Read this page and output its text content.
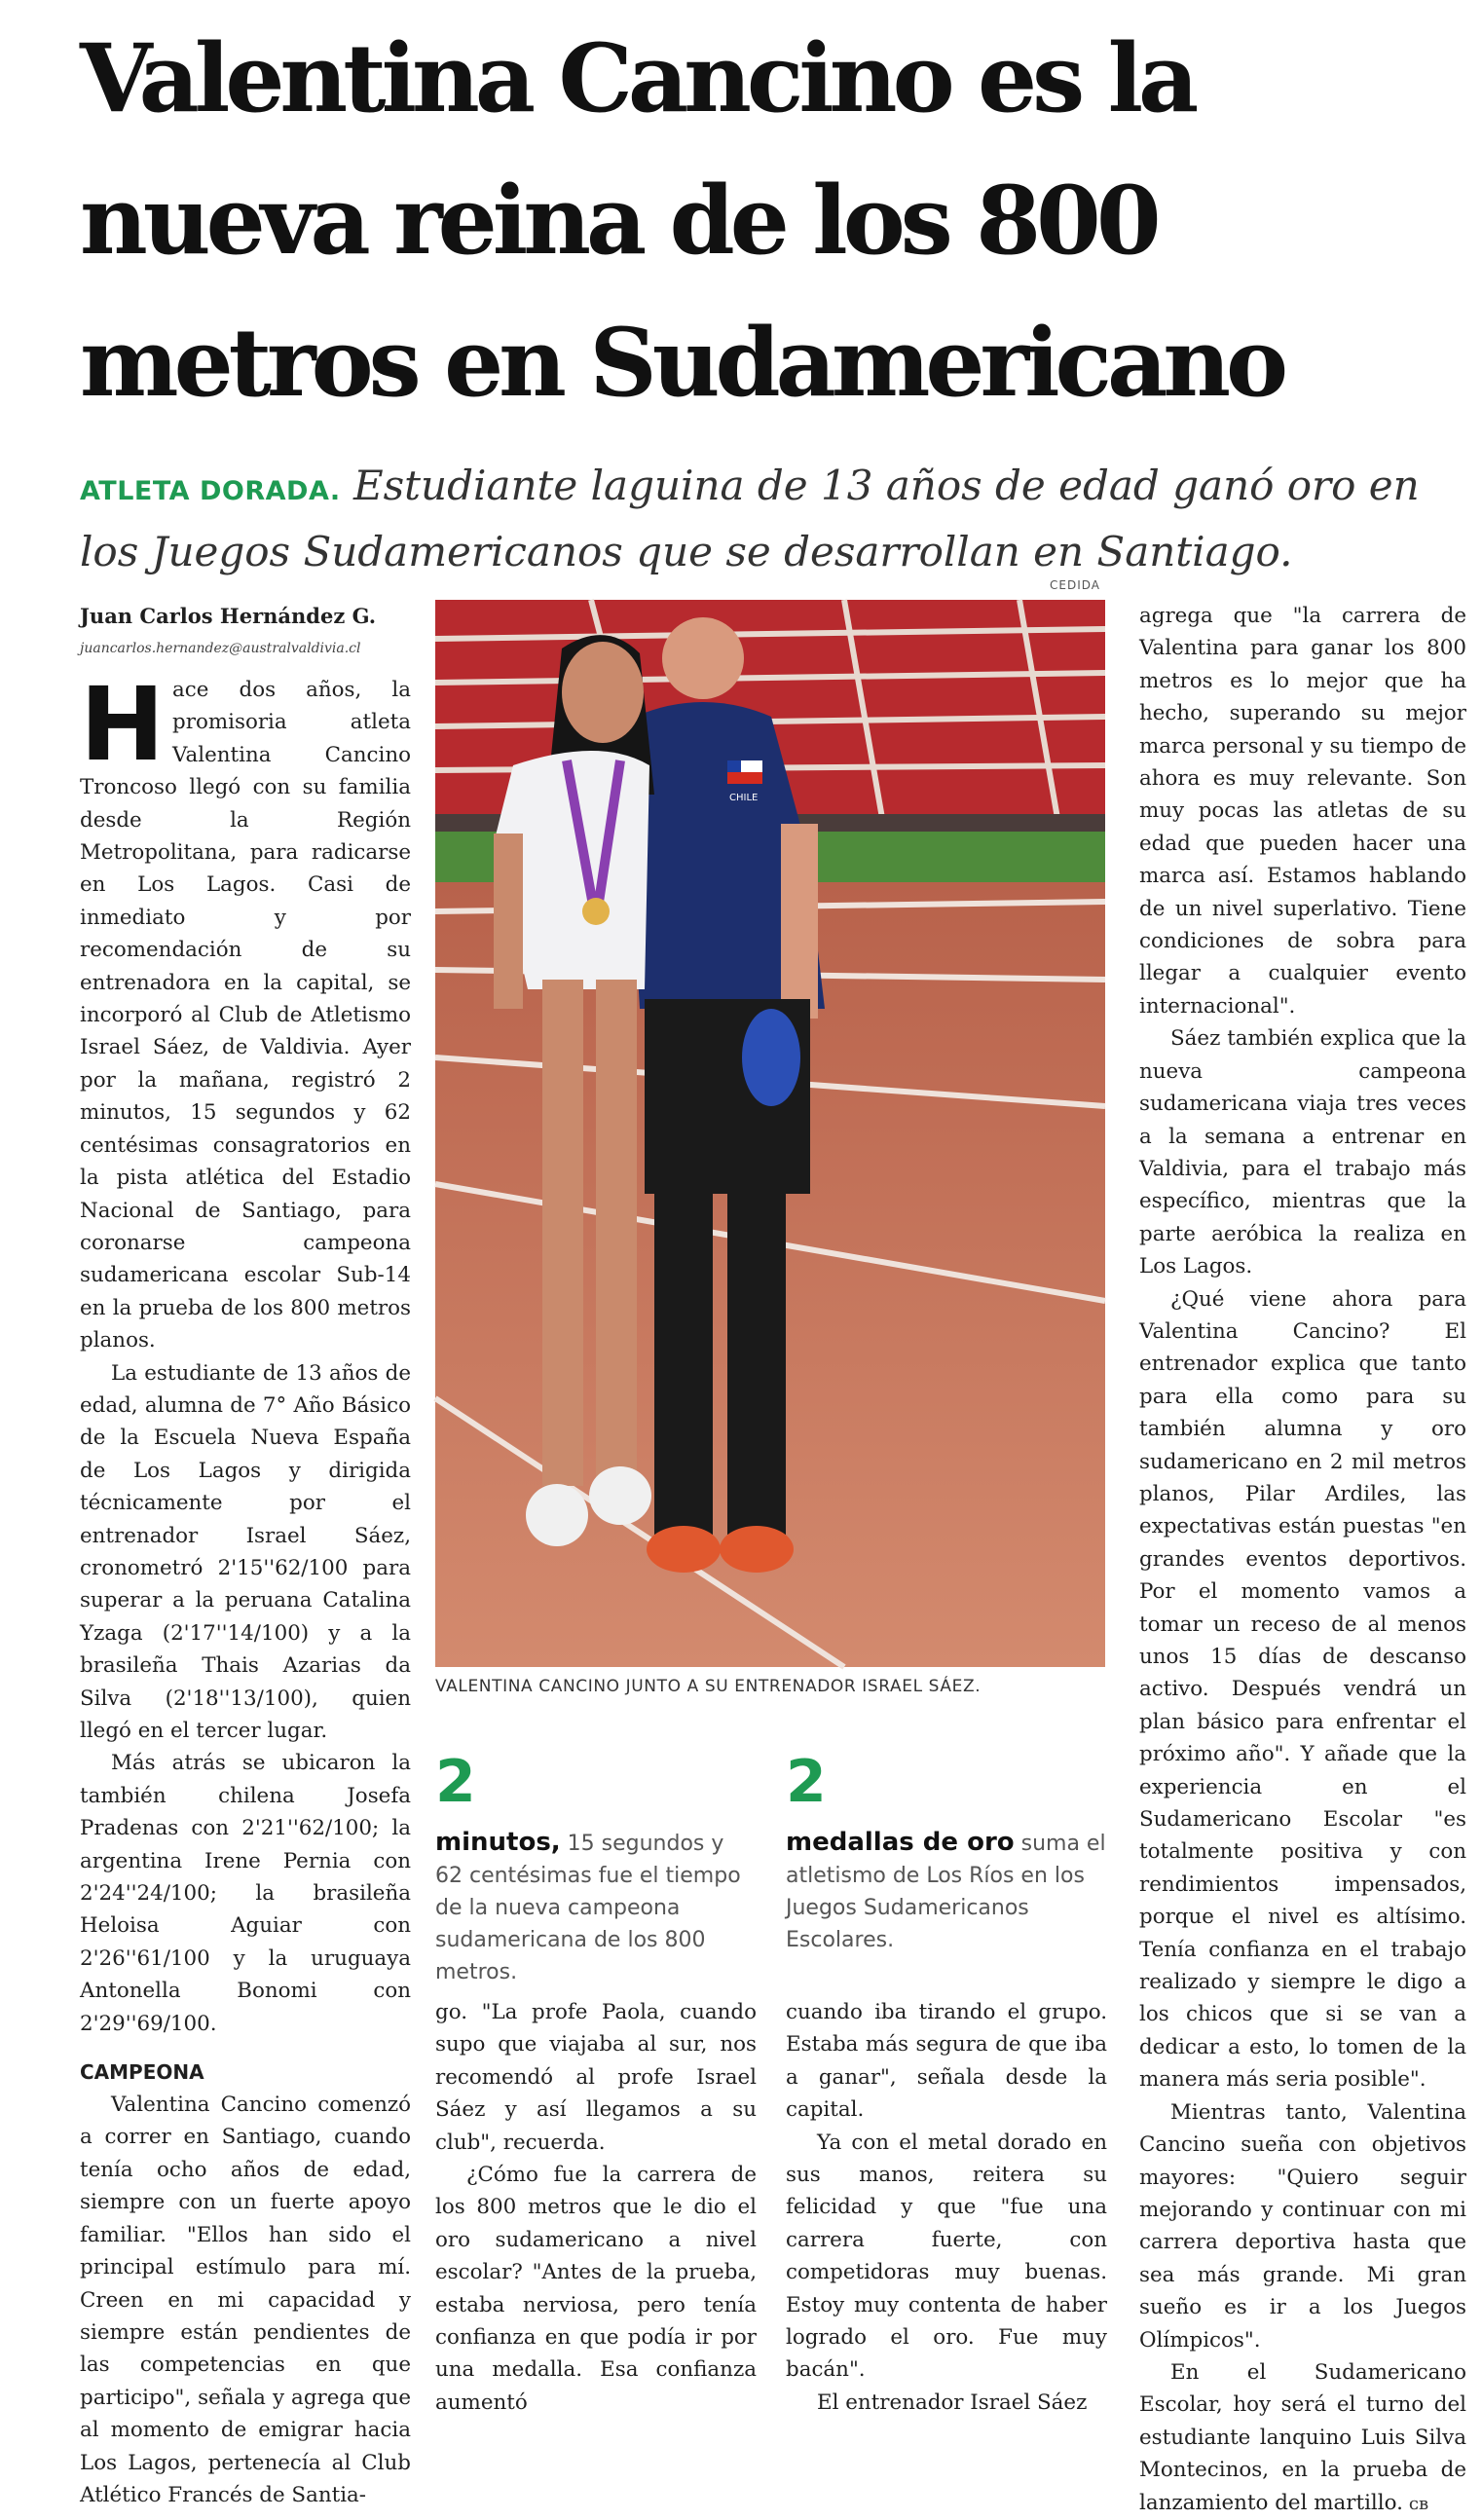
Valentina Cancino es la nueva reina de los 800 metros en Sudamericano
ATLETA DORADA. Estudiante laguina de 13 años de edad ganó oro en los Juegos Sudamericanos que se desarrollan en Santiago.
CEDIDA
Juan Carlos Hernández G.
juancarlos.hernandez@australvaldivia.cl

Hace dos años, la promisoria atleta Valentina Cancino Troncoso llegó con su familia desde la Región Metropolitana, para radicarse en Los Lagos. Casi de inmediato y por recomendación de su entrenadora en la capital, se incorporó al Club de Atletismo Israel Sáez, de Valdivia. Ayer por la mañana, registró 2 minutos, 15 segundos y 62 centésimas consagratorios en la pista atlética del Estadio Nacional de Santiago, para coronarse campeona sudamericana escolar Sub-14 en la prueba de los 800 metros planos.

La estudiante de 13 años de edad, alumna de 7° Año Básico de la Escuela Nueva España de Los Lagos y dirigida técnicamente por el entrenador Israel Sáez, cronometró 2'15''62/100 para superar a la peruana Catalina Yzaga (2'17''14/100) y a la brasileña Thais Azarias da Silva (2'18''13/100), quien llegó en el tercer lugar.

Más atrás se ubicaron la también chilena Josefa Pradenas con 2'21''62/100; la argentina Irene Pernia con 2'24''24/100; la brasileña Heloisa Aguiar con 2'26''61/100 y la uruguaya Antonella Bonomi con 2'29''69/100.

CAMPEONA

Valentina Cancino comenzó a correr en Santiago, cuando tenía ocho años de edad, siempre con un fuerte apoyo familiar. "Ellos han sido el principal estímulo para mí. Creen en mi capacidad y siempre están pendientes de las competencias en que participo", señala y agrega que al momento de emigrar hacia Los Lagos, pertenecía al Club Atlético Francés de Santia-

CHILE
VALENTINA CANCINO JUNTO A SU ENTRENADOR ISRAEL SÁEZ.
2
minutos, 15 segundos y 62 centésimas fue el tiempo de la nueva campeona sudamericana de los 800 metros.
2
medallas de oro suma el atletismo de Los Ríos en los Juegos Sudamericanos Escolares.

go. "La profe Paola, cuando supo que viajaba al sur, nos recomendó al profe Israel Sáez y así llegamos a su club", recuerda.

¿Cómo fue la carrera de los 800 metros que le dio el oro sudamericano a nivel escolar? "Antes de la prueba, estaba nerviosa, pero tenía confianza en que podía ir por una medalla. Esa confianza aumentó

cuando iba tirando el grupo. Estaba más segura de que iba a ganar", señala desde la capital.

Ya con el metal dorado en sus manos, reitera su felicidad y que "fue una carrera fuerte, con competidoras muy buenas. Estoy muy contenta de haber logrado el oro. Fue muy bacán".

El entrenador Israel Sáez

agrega que "la carrera de Valentina para ganar los 800 metros es lo mejor que ha hecho, superando su mejor marca personal y su tiempo de ahora es muy relevante. Son muy pocas las atletas de su edad que pueden hacer una marca así. Estamos hablando de un nivel superlativo. Tiene condiciones de sobra para llegar a cualquier evento internacional".

Sáez también explica que la nueva campeona sudamericana viaja tres veces a la semana a entrenar en Valdivia, para el trabajo más específico, mientras que la parte aeróbica la realiza en Los Lagos.

¿Qué viene ahora para Valentina Cancino? El entrenador explica que tanto para ella como para su también alumna y oro sudamericano en 2 mil metros planos, Pilar Ardiles, las expectativas están puestas "en grandes eventos deportivos. Por el momento vamos a tomar un receso de al menos unos 15 días de descanso activo. Después vendrá un plan básico para enfrentar el próximo año". Y añade que la experiencia en el Sudamericano Escolar "es totalmente positiva y con rendimientos impensados, porque el nivel es altísimo. Tenía confianza en el trabajo realizado y siempre le digo a los chicos que si se van a dedicar a esto, lo tomen de la manera más seria posible".

Mientras tanto, Valentina Cancino sueña con objetivos mayores: "Quiero seguir mejorando y continuar con mi carrera deportiva hasta que sea más grande. Mi gran sueño es ir a los Juegos Olímpicos".

En el Sudamericano Escolar, hoy será el turno del estudiante lanquino Luis Silva Montecinos, en la prueba de lanzamiento del martillo. ᴄʙ
